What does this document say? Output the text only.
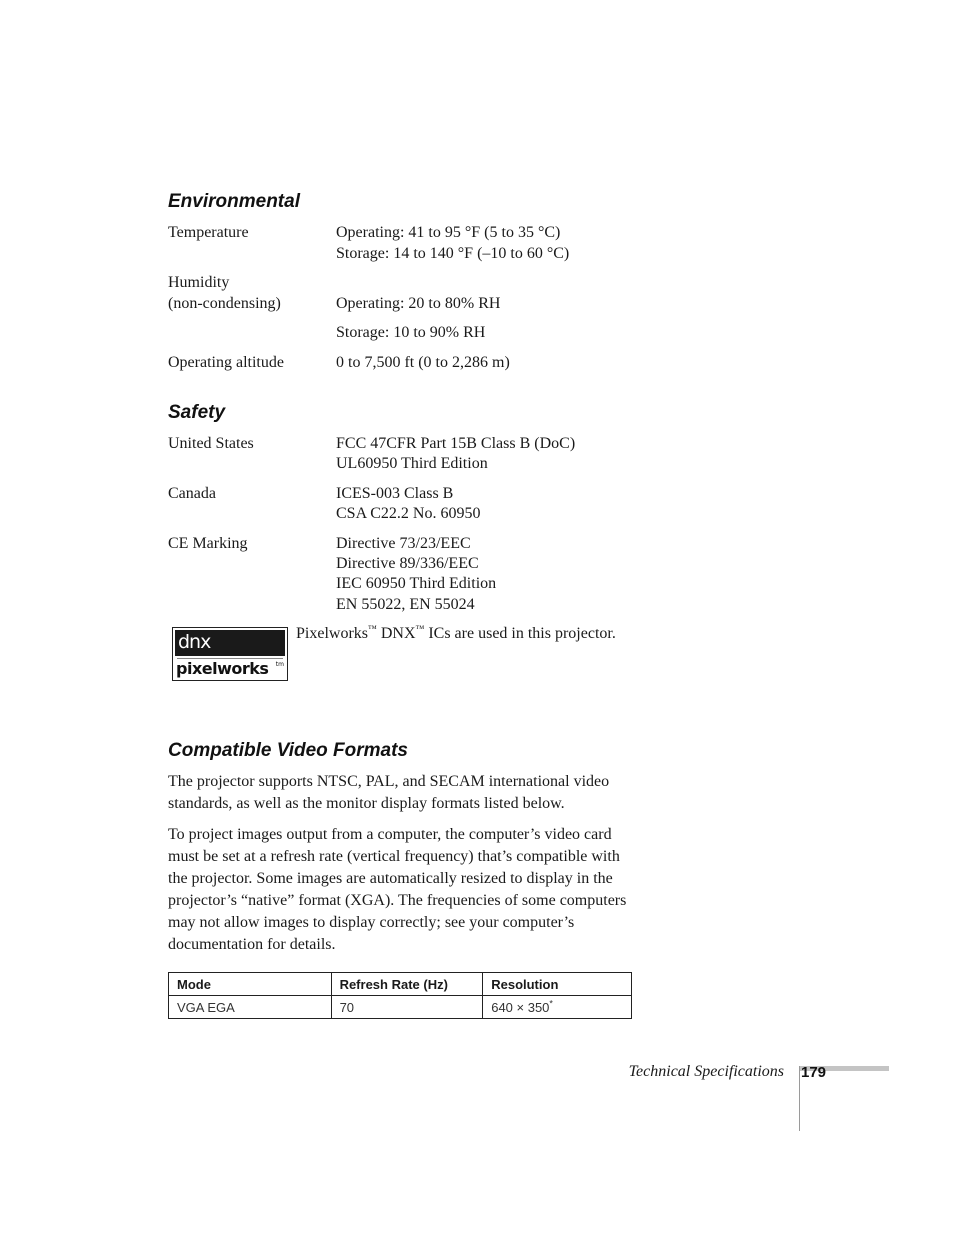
Environmental
Temperature	Operating: 41 to 95 °F (5 to 35 °C)
Storage: 14 to 140 °F (–10 to 60 °C)
Humidity
(non-condensing)	Operating: 20 to 80% RH
Storage: 10 to 90% RH
Operating altitude	0 to 7,500 ft (0 to 2,286 m)
Safety
United States	FCC 47CFR Part 15B Class B (DoC)
UL60950 Third Edition
Canada	ICES-003 Class B
CSA C22.2 No. 60950
CE Marking	Directive 73/23/EEC
Directive 89/336/EEC
IEC 60950 Third Edition
EN 55022, EN 55024
dnx
pixelworks tm
Pixelworks™ DNX™ ICs are used in this projector.
Compatible Video Formats

The projector supports NTSC, PAL, and SECAM international video standards, as well as the monitor display formats listed below.

To project images output from a computer, the computer’s video card must be set at a refresh rate (vertical frequency) that’s compatible with the projector. Some images are automatically resized to display in the projector’s “native” format (XGA). The frequencies of some computers may not allow images to display correctly; see your computer’s documentation for details.

Mode	Refresh Rate (Hz)	Resolution
VGA EGA	70	640 × 350*
Technical Specifications 179
